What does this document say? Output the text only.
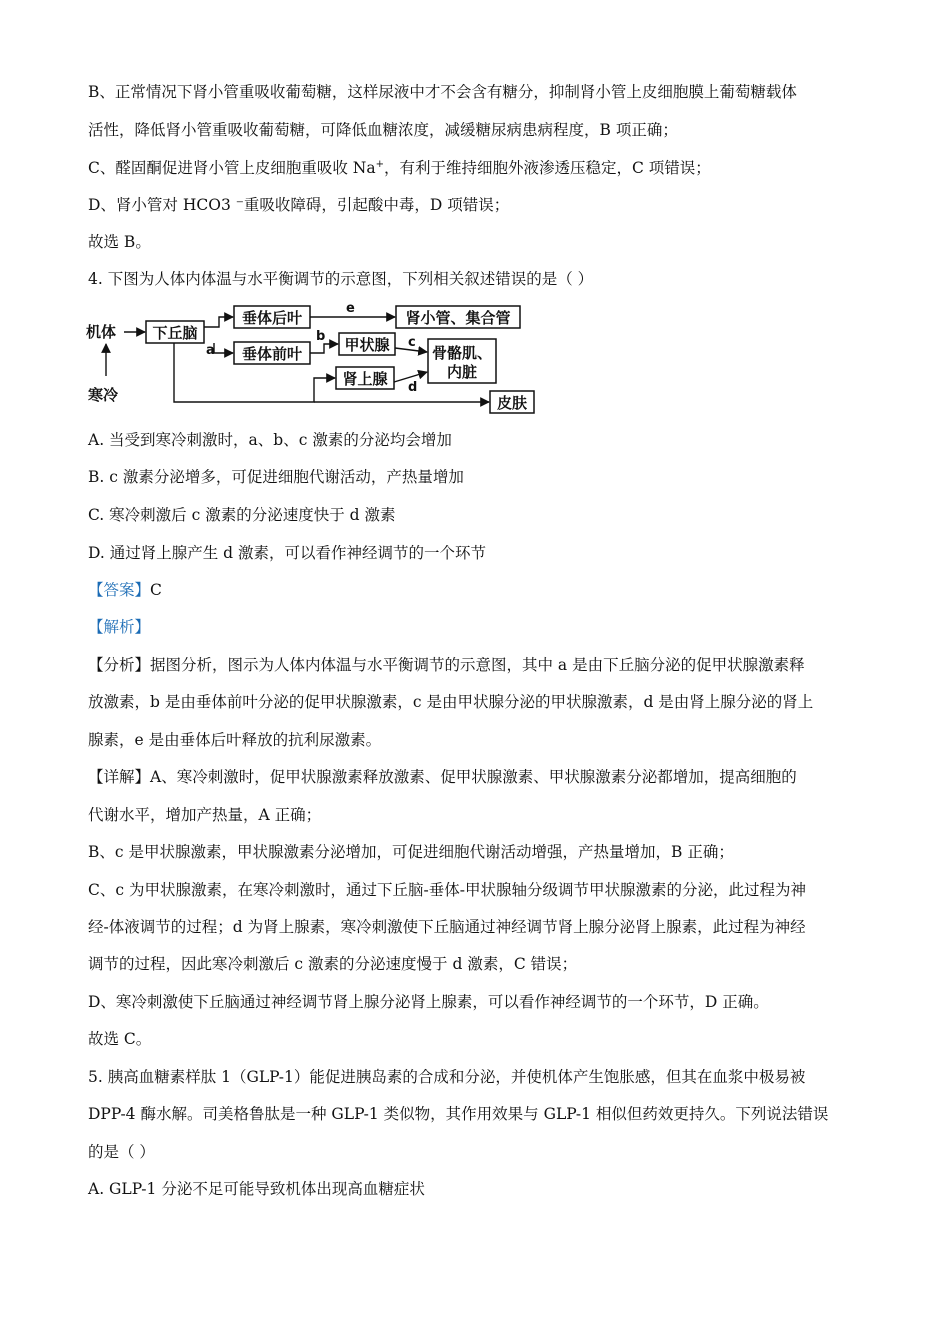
B、正常情况下肾小管重吸收葡萄糖，这样尿液中才不会含有糖分，抑制肾小管上皮细胞膜上葡萄糖载体
活性，降低肾小管重吸收葡萄糖，可降低血糖浓度，减缓糖尿病患病程度，B 项正确；
C、醛固酮促进肾小管上皮细胞重吸收 Na+，有利于维持细胞外液渗透压稳定，C 项错误；
D、肾小管对 HCO3 ⁻重吸收障碍，引起酸中毒，D 项错误；
故选 B。
4. 下图为人体内体温与水平衡调节的示意图，下列相关叙述错误的是（ ）
机体
寒冷
下丘脑
垂体后叶
垂体前叶
肾小管、集合管
甲状腺	骨骼肌、
内脏
肾上腺
皮肤
e
b
a
c
d
A. 当受到寒冷刺激时，a、b、c 激素的分泌均会增加
B. c 激素分泌增多，可促进细胞代谢活动，产热量增加
C. 寒冷刺激后 c 激素的分泌速度快于 d 激素
D. 通过肾上腺产生 d 激素，可以看作神经调节的一个环节
【答案】C
【解析】
【分析】据图分析，图示为人体内体温与水平衡调节的示意图，其中 a 是由下丘脑分泌的促甲状腺激素释
放激素，b 是由垂体前叶分泌的促甲状腺激素，c 是由甲状腺分泌的甲状腺激素，d 是由肾上腺分泌的肾上
腺素，e 是由垂体后叶释放的抗利尿激素。
【详解】A、寒冷刺激时，促甲状腺激素释放激素、促甲状腺激素、甲状腺激素分泌都增加，提高细胞的
代谢水平，增加产热量，A 正确；
B、c 是甲状腺激素，甲状腺激素分泌增加，可促进细胞代谢活动增强，产热量增加，B 正确；
C、c 为甲状腺激素，在寒冷刺激时，通过下丘脑-垂体-甲状腺轴分级调节甲状腺激素的分泌，此过程为神
经-体液调节的过程；d 为肾上腺素，寒冷刺激使下丘脑通过神经调节肾上腺分泌肾上腺素，此过程为神经
调节的过程，因此寒冷刺激后 c 激素的分泌速度慢于 d 激素，C 错误；
D、寒冷刺激使下丘脑通过神经调节肾上腺分泌肾上腺素，可以看作神经调节的一个环节，D 正确。
故选 C。
5. 胰高血糖素样肽 1（GLP-1）能促进胰岛素的合成和分泌，并使机体产生饱胀感，但其在血浆中极易被
DPP-4 酶水解。司美格鲁肽是一种 GLP-1 类似物，其作用效果与 GLP-1 相似但药效更持久。下列说法错误
的是（ ）
A. GLP-1 分泌不足可能导致机体出现高血糖症状
